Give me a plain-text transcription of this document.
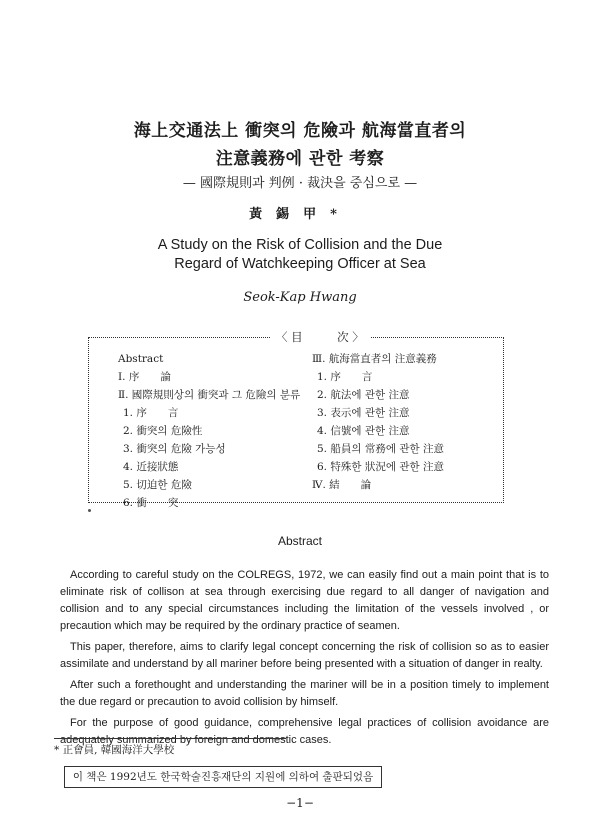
海上交通法上 衝突의 危險과 航海當直者의
注意義務에 관한 考察
— 國際規則과 判例 · 裁決을 중심으로 —
黃錫甲*
A Study on the Risk of Collision and the Due
Regard of Watchkeeping Officer at Sea
Seok-Kap Hwang
〈 目　　　次 〉
Abstract
Ⅰ. 序　　論
Ⅱ. 國際規則상의 衝突과 그 危險의 분류
1. 序　　言
2. 衝突의 危險性
3. 衝突의 危險 가능성
4. 近接狀態
5. 切迫한 危險
6. 衝　　突
Ⅲ. 航海當直者의 注意義務
1. 序　　言
2. 航法에 관한 注意
3. 表示에 관한 注意
4. 信號에 관한 注意
5. 船員의 常務에 관한 注意
6. 特殊한 狀況에 관한 注意
Ⅳ. 結　　論
Abstract

According to careful study on the COLREGS, 1972, we can easily find out a main point that is to eliminate risk of collison at sea through exercising due regard to all danger of navigation and collision and to any special circumstances including the limitation of the vessels involved , or precaution which may be required by the ordinary practice of seamen.

This paper, therefore, aims to clarify legal concept concerning the risk of collision so as to easier assimilate and understand by all mariner before being presented with a situation of danger in realty.

After such a forethought and understanding the mariner will be in a position timely to implement the due regard or precaution to avoid collision by himself.

For the purpose of good guidance, comprehensive legal practices of collision avoidance are adequately summarized by foreign and domestic cases.

* 正會員, 韓國海洋大學校
이 책은 1992년도 한국학술진흥재단의 지원에 의하여 출판되었음
−1−
